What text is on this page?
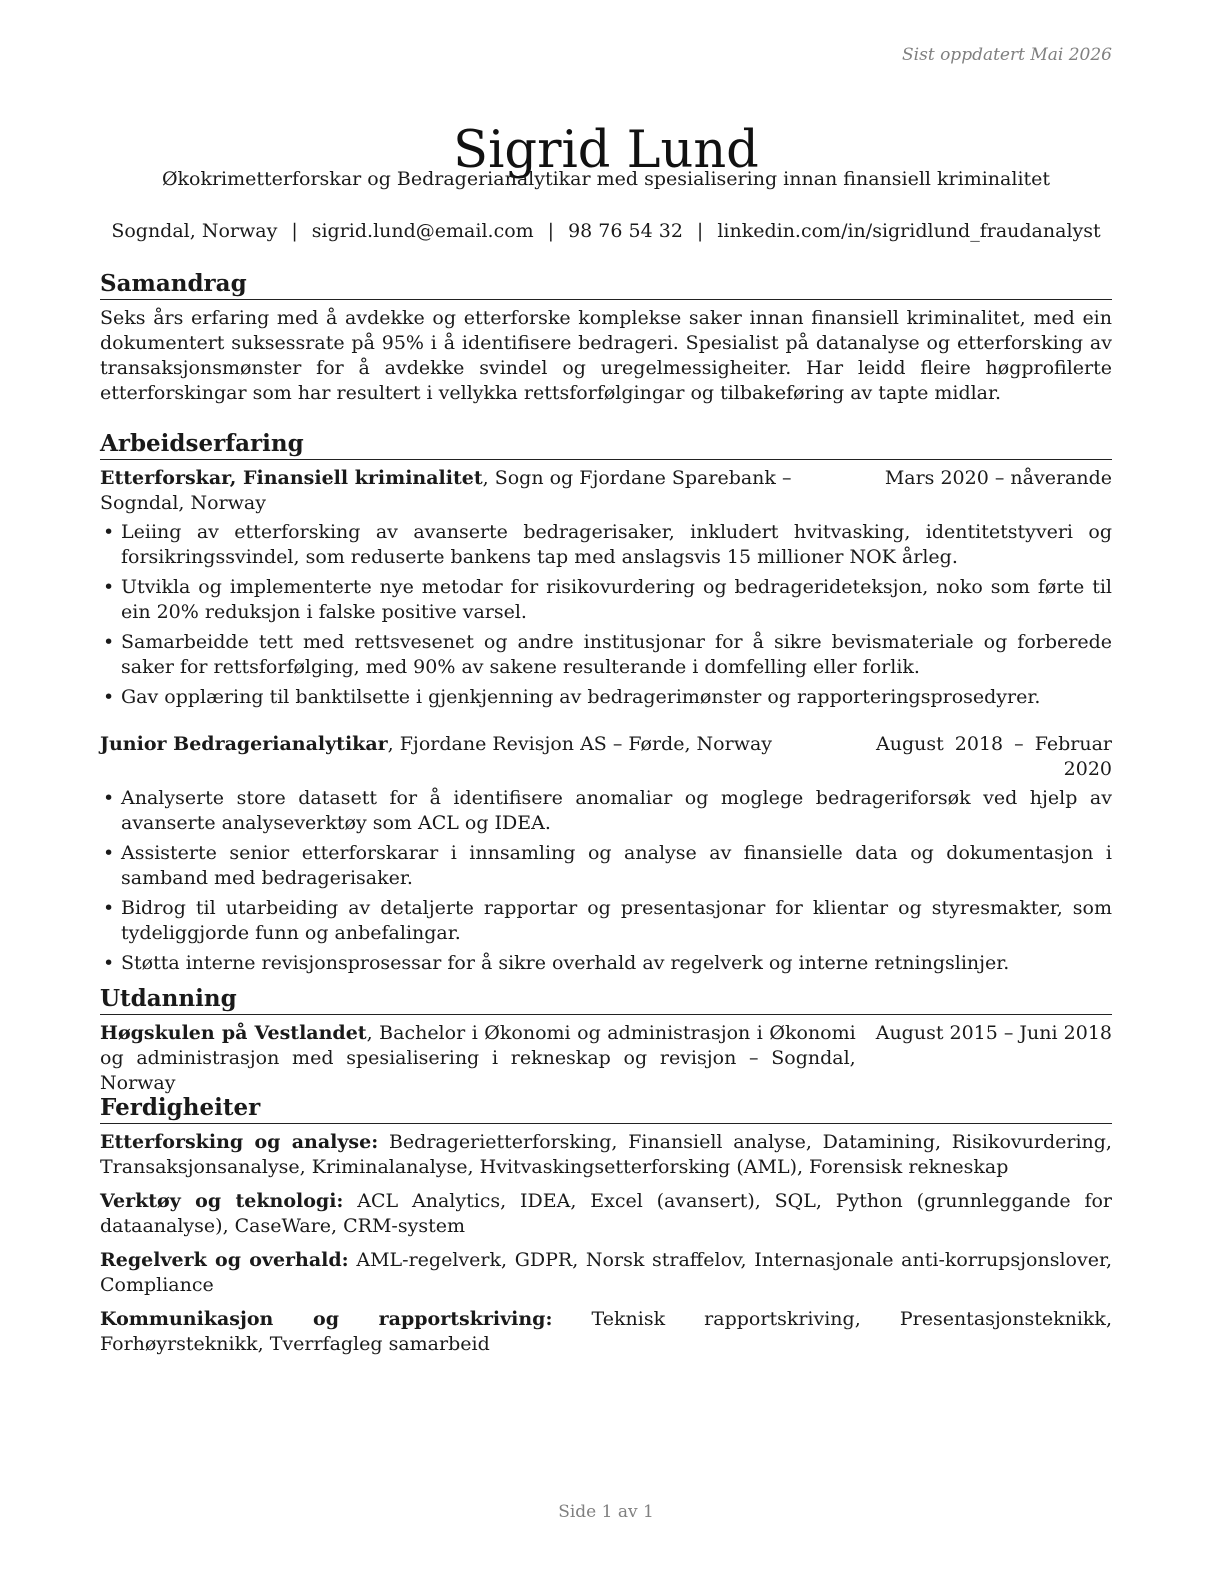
Sist oppdatert Mai 2026
Sigrid Lund
Økokrimetterforskar og Bedragerianalytikar med spesialisering innan finansiell kriminalitet
Sogndal, Norway | sigrid.lund@email.com | 98 76 54 32 | linkedin.com/in/sigridlund_fraudanalyst
Samandrag

Seks års erfaring med å avdekke og etterforske komplekse saker innan finansiell kriminalitet, med ein dokumentert suksessrate på 95% i å identifisere bedrageri. Spesialist på datanalyse og etterforsking av transaksjonsmønster for å avdekke svindel og uregelmessigheiter. Har leidd fleire høgprofilerte etterforskingar som har resultert i vellykka rettsforfølgingar og tilbakeføring av tapte midlar.

Arbeidserfaring
Etterforskar, Finansiell kriminalitet, Sogn og Fjordane Sparebank – Sogndal, Norway
Mars 2020 – nåverande
• Leiing av etterforsking av avanserte bedragerisaker, inkludert hvitvasking, identitetstyveri og forsikringssvindel, som reduserte bankens tap med anslagsvis 15 millioner NOK årleg.
• Utvikla og implementerte nye metodar for risikovurdering og bedragerideteksjon, noko som førte til ein 20% reduksjon i falske positive varsel.
• Samarbeidde tett med rettsvesenet og andre institusjonar for å sikre bevismateriale og forberede saker for rettsforfølging, med 90% av sakene resulterande i domfelling eller forlik.
• Gav opplæring til banktilsette i gjenkjenning av bedragerimønster og rapporteringsprosedyrer.
Junior Bedragerianalytikar, Fjordane Revisjon AS – Førde, Norway	August 2018 – Februar 2020
• Analyserte store datasett for å identifisere anomaliar og moglege bedrageriforsøk ved hjelp av avanserte analyseverktøy som ACL og IDEA.
• Assisterte senior etterforskarar i innsamling og analyse av finansielle data og dokumentasjon i samband med bedragerisaker.
• Bidrog til utarbeiding av detaljerte rapportar og presentasjonar for klientar og styresmakter, som tydeliggjorde funn og anbefalingar.
• Støtta interne revisjonsprosessar for å sikre overhald av regelverk og interne retningslinjer.
Utdanning
Høgskulen på Vestlandet, Bachelor i Økonomi og administrasjon i Økonomi og administrasjon med spesialisering i rekneskap og revisjon – Sogndal, Norway
August 2015 – Juni 2018
Ferdigheiter

Etterforsking og analyse: Bedragerietterforsking, Finansiell analyse, Datamining, Risikovurdering, Transaksjonsanalyse, Kriminalanalyse, Hvitvaskingsetterforsking (AML), Forensisk rekneskap

Verktøy og teknologi: ACL Analytics, IDEA, Excel (avansert), SQL, Python (grunnleggande for dataanalyse), CaseWare, CRM-system

Regelverk og overhald: AML-regelverk, GDPR, Norsk straffelov, Internasjonale anti-korrupsjonslover, Compliance

Kommunikasjon og rapportskriving: Teknisk rapportskriving, Presentasjonsteknikk, Forhøyrsteknikk, Tverrfagleg samarbeid

Side 1 av 1
